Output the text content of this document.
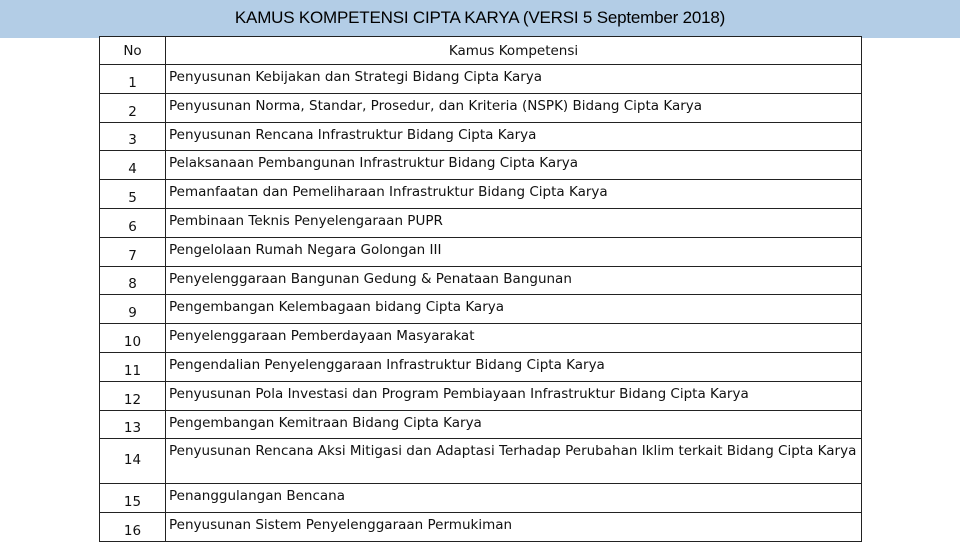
KAMUS KOMPETENSI CIPTA KARYA (VERSI 5 September 2018)
No	Kamus Kompetensi
1	Penyusunan Kebijakan dan Strategi Bidang Cipta Karya
2	Penyusunan Norma, Standar, Prosedur, dan Kriteria (NSPK) Bidang Cipta Karya
3	Penyusunan Rencana Infrastruktur Bidang Cipta Karya
4	Pelaksanaan Pembangunan Infrastruktur Bidang Cipta Karya
5	Pemanfaatan dan Pemeliharaan Infrastruktur Bidang Cipta Karya
6	Pembinaan Teknis Penyelengaraan PUPR
7	Pengelolaan Rumah Negara Golongan III
8	Penyelenggaraan Bangunan Gedung & Penataan Bangunan
9	Pengembangan Kelembagaan bidang Cipta Karya
10	Penyelenggaraan Pemberdayaan Masyarakat
11	Pengendalian Penyelenggaraan Infrastruktur Bidang Cipta Karya
12	Penyusunan Pola Investasi dan Program Pembiayaan Infrastruktur Bidang Cipta Karya
13	Pengembangan Kemitraan Bidang Cipta Karya
14	Penyusunan Rencana Aksi Mitigasi dan Adaptasi Terhadap Perubahan Iklim terkait Bidang Cipta Karya
15	Penanggulangan Bencana
16	Penyusunan Sistem Penyelenggaraan Permukiman
